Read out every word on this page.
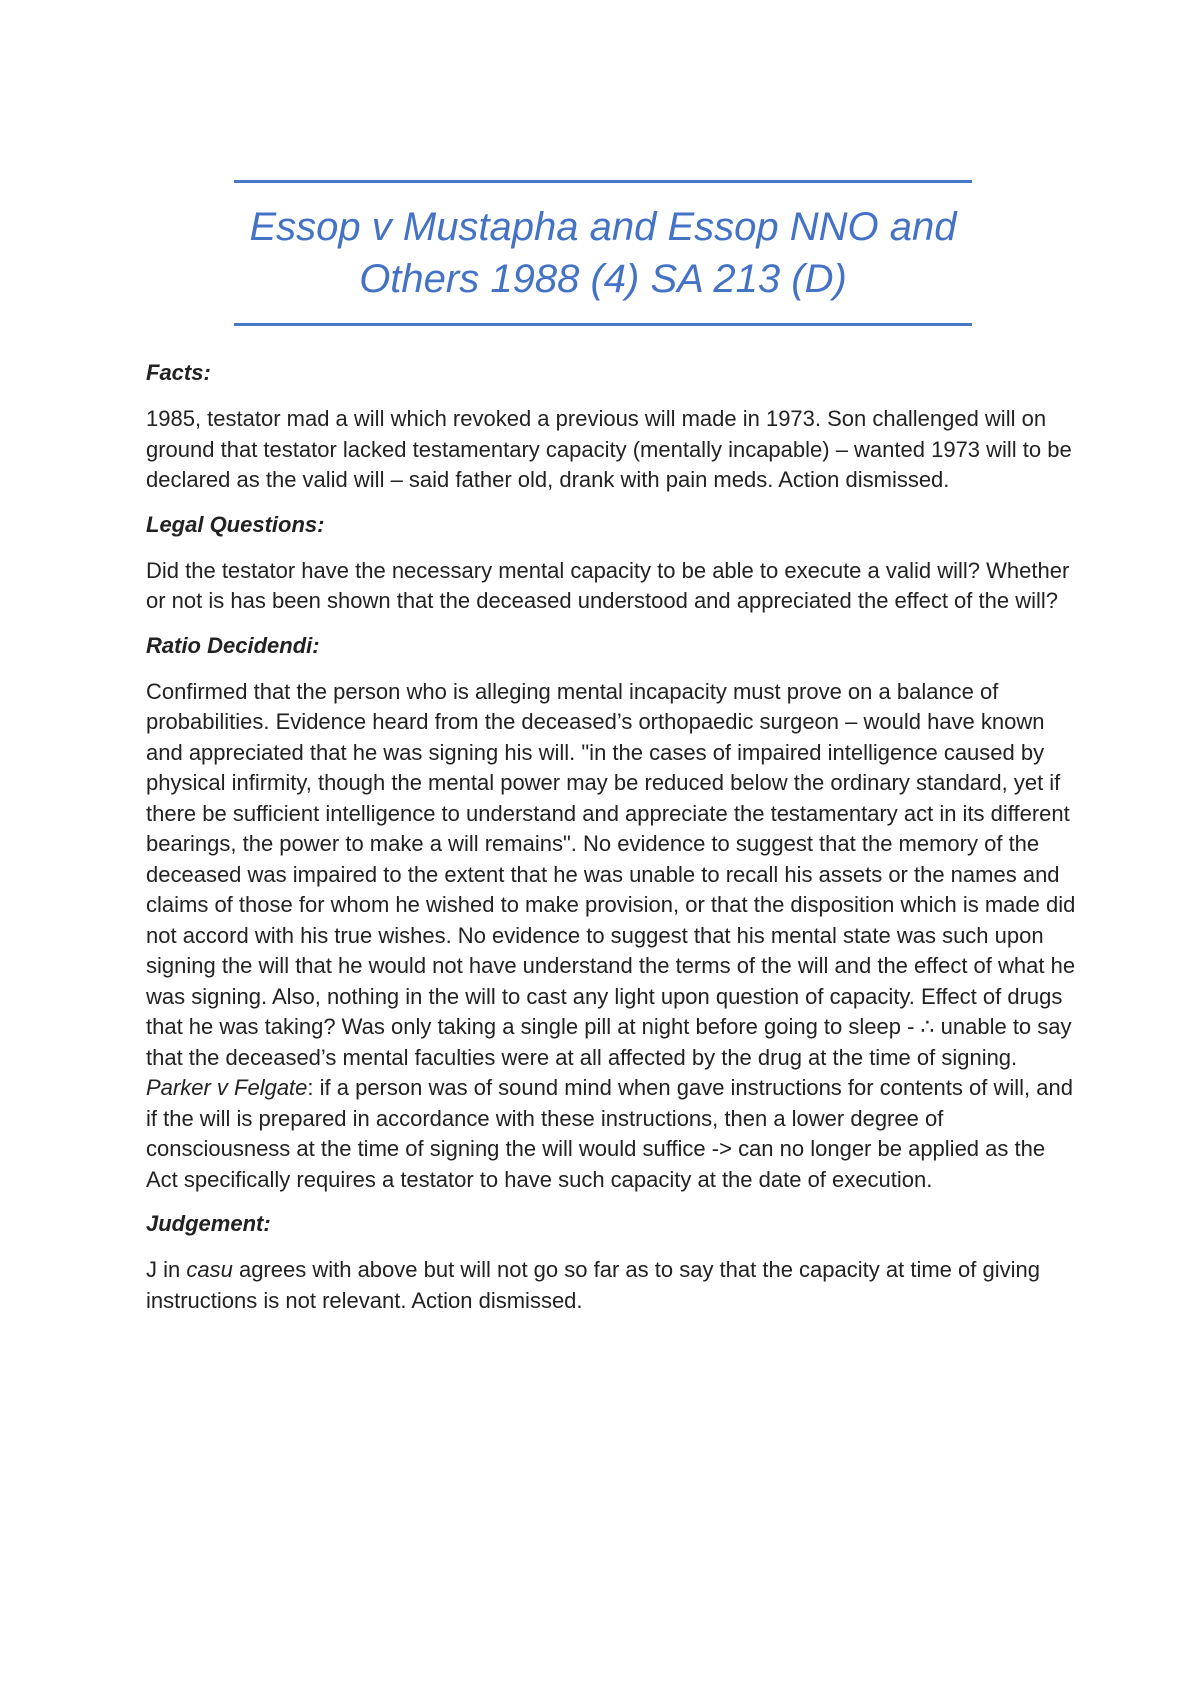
Essop v Mustapha and Essop NNO and
Others 1988 (4) SA 213 (D)
Facts:
1985, testator mad a will which revoked a previous will made in 1973. Son challenged will on ground that testator lacked testamentary capacity (mentally incapable) – wanted 1973 will to be declared as the valid will – said father old, drank with pain meds. Action dismissed.
Legal Questions:
Did the testator have the necessary mental capacity to be able to execute a valid will? Whether or not is has been shown that the deceased understood and appreciated the effect of the will?
Ratio Decidendi:
Confirmed that the person who is alleging mental incapacity must prove on a balance of probabilities. Evidence heard from the deceased’s orthopaedic surgeon – would have known and appreciated that he was signing his will. "in the cases of impaired intelligence caused by physical infirmity, though the mental power may be reduced below the ordinary standard, yet if there be sufficient intelligence to understand and appreciate the testamentary act in its different bearings, the power to make a will remains". No evidence to suggest that the memory of the deceased was impaired to the extent that he was unable to recall his assets or the names and claims of those for whom he wished to make provision, or that the disposition which is made did not accord with his true wishes. No evidence to suggest that his mental state was such upon signing the will that he would not have understand the terms of the will and the effect of what he was signing. Also, nothing in the will to cast any light upon question of capacity. Effect of drugs that he was taking? Was only taking a single pill at night before going to sleep - ∴ unable to say that the deceased’s mental faculties were at all affected by the drug at the time of signing. Parker v Felgate: if a person was of sound mind when gave instructions for contents of will, and if the will is prepared in accordance with these instructions, then a lower degree of consciousness at the time of signing the will would suffice -> can no longer be applied as the Act specifically requires a testator to have such capacity at the date of execution.
Judgement:
J in casu agrees with above but will not go so far as to say that the capacity at time of giving instructions is not relevant. Action dismissed.
